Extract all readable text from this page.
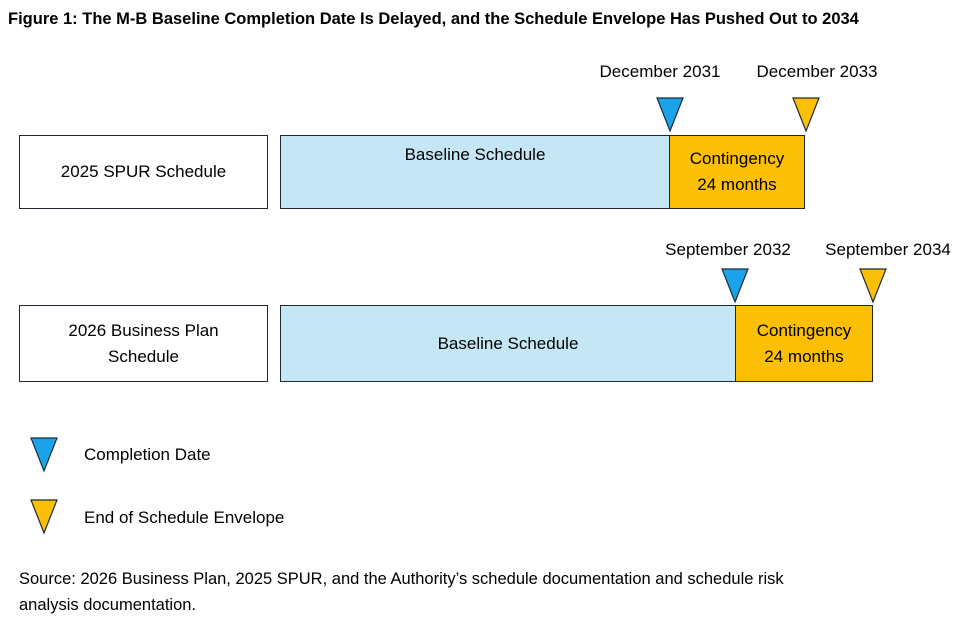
Figure 1: The M-B Baseline Completion Date Is Delayed, and the Schedule Envelope Has Pushed Out to 2034
2025 SPUR Schedule
Baseline Schedule	Contingency
24 months
December 2031 December 2033
2026 Business Plan Schedule
Baseline Schedule
Contingency
24 months
September 2032 September 2034
Completion Date
End of Schedule Envelope
Source: 2026 Business Plan, 2025 SPUR, and the Authority’s schedule documentation and schedule risk analysis documentation.
